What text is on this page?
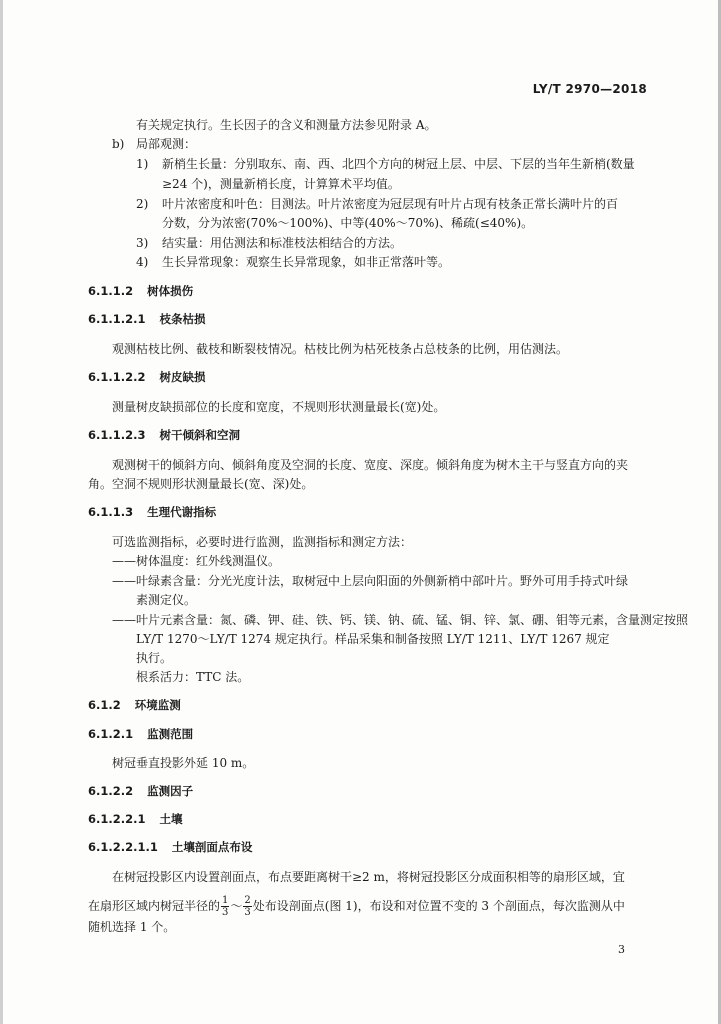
LY/T 2970—2018
有关规定执行。生长因子的含义和测量方法参见附录 A。
b) 局部观测：
1) 新梢生长量：分别取东、南、西、北四个方向的树冠上层、中层、下层的当年生新梢(数量
≥24 个)，测量新梢长度，计算算术平均值。
2) 叶片浓密度和叶色：目测法。叶片浓密度为冠层现有叶片占现有枝条正常长满叶片的百
分数，分为浓密(70%～100%)、中等(40%～70%)、稀疏(≤40%)。
3) 结实量：用估测法和标准枝法相结合的方法。
4) 生长异常现象：观察生长异常现象，如非正常落叶等。
6.1.1.2 树体损伤
6.1.1.2.1 枝条枯损
观测枯枝比例、截枝和断裂枝情况。枯枝比例为枯死枝条占总枝条的比例，用估测法。
6.1.1.2.2 树皮缺损
测量树皮缺损部位的长度和宽度，不规则形状测量最长(宽)处。
6.1.1.2.3 树干倾斜和空洞
观测树干的倾斜方向、倾斜角度及空洞的长度、宽度、深度。倾斜角度为树木主干与竖直方向的夹
角。空洞不规则形状测量最长(宽、深)处。
6.1.1.3 生理代谢指标
可选监测指标，必要时进行监测，监测指标和测定方法：
——树体温度：红外线测温仪。
——叶绿素含量：分光光度计法，取树冠中上层向阳面的外侧新梢中部叶片。野外可用手持式叶绿
素测定仪。
——叶片元素含量：氮、磷、钾、硅、铁、钙、镁、钠、硫、锰、铜、锌、氯、硼、钼等元素，含量测定按照
LY/T 1270～LY/T 1274 规定执行。样品采集和制备按照 LY/T 1211、LY/T 1267 规定
执行。
根系活力：TTC 法。
6.1.2 环境监测
6.1.2.1 监测范围
树冠垂直投影外延 10 m。
6.1.2.2 监测因子
6.1.2.2.1 土壤
6.1.2.2.1.1 土壤剖面点布设
在树冠投影区内设置剖面点，布点要距离树干≥2 m，将树冠投影区分成面积相等的扇形区域，宜
在扇形区域内树冠半径的 $\frac{1}{3}$ ～ $\frac{2}{3}$ 处布设剖面点(图 1)，布设和对位置不变的 3 个剖面点，每次监测从中
随机选择 1 个。
3
